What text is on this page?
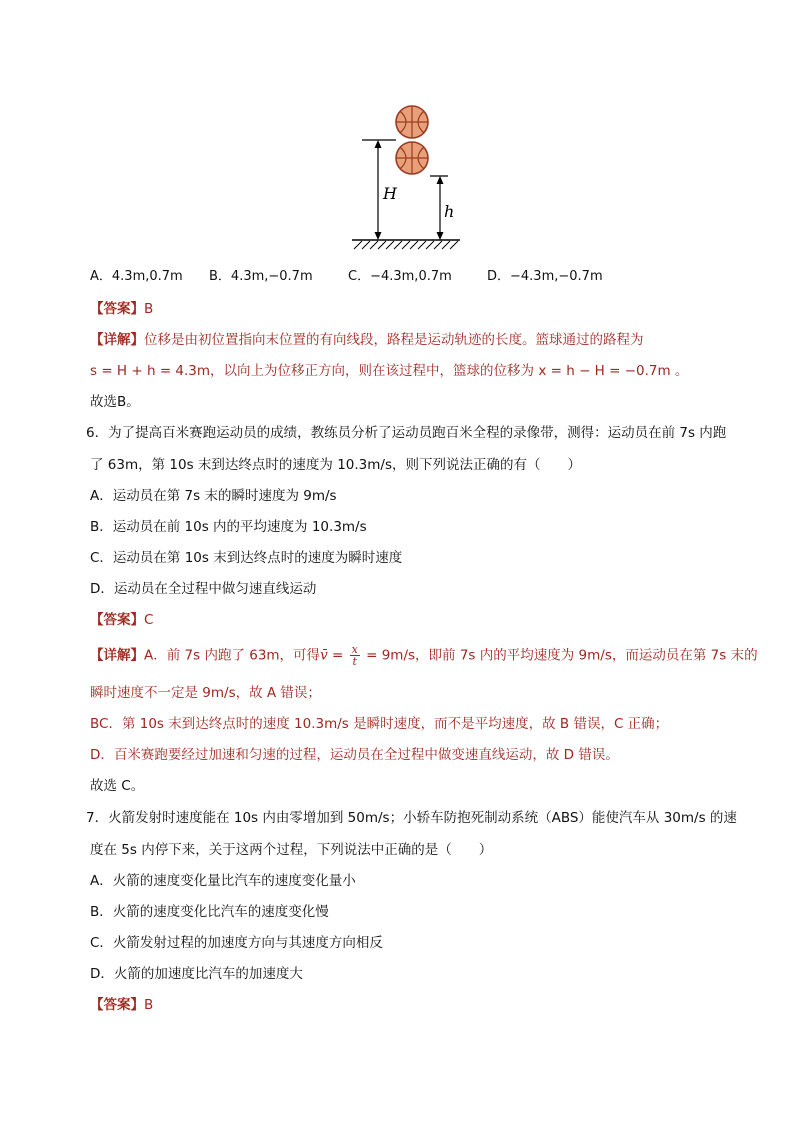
H
h
A．4.3m,0.7m B．4.3m,−0.7m	C．−4.3m,0.7m	D．−4.3m,−0.7m
【答案】B
【详解】位移是由初位置指向末位置的有向线段，路程是运动轨迹的长度。篮球通过的路程为
s = H + h = 4.3m，以向上为位移正方向，则在该过程中，篮球的位移为 x = h − H = −0.7m 。
故选B。
6．为了提高百米赛跑运动员的成绩，教练员分析了运动员跑百米全程的录像带，测得：运动员在前 7s 内跑
了 63m，第 10s 末到达终点时的速度为 10.3m/s，则下列说法正确的有（　　）
A．运动员在第 7s 末的瞬时速度为 9m/s
B．运动员在前 10s 内的平均速度为 10.3m/s
C．运动员在第 10s 末到达终点时的速度为瞬时速度
D．运动员在全过程中做匀速直线运动
【答案】C
【详解】A．前 7s 内跑了 63m，可得v̄ = $\frac{x}{t} = 9m/s$，即前 7s 内的平均速度为 9m/s，而运动员在第 7s 末的
瞬时速度不一定是 9m/s，故 A 错误；
BC．第 10s 末到达终点时的速度 10.3m/s 是瞬时速度，而不是平均速度，故 B 错误，C 正确；
D．百米赛跑要经过加速和匀速的过程，运动员在全过程中做变速直线运动，故 D 错误。
故选 C。
7．火箭发射时速度能在 10s 内由零增加到 50m/s；小轿车防抱死制动系统（ABS）能使汽车从 30m/s 的速
度在 5s 内停下来，关于这两个过程，下列说法中正确的是（　　）
A．火箭的速度变化量比汽车的速度变化量小
B．火箭的速度变化比汽车的速度变化慢
C．火箭发射过程的加速度方向与其速度方向相反
D．火箭的加速度比汽车的加速度大
【答案】B
